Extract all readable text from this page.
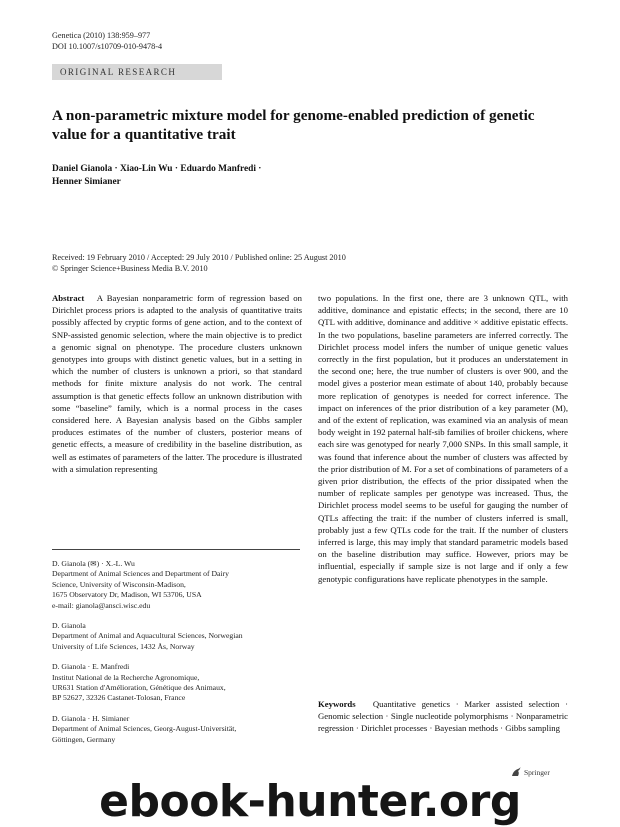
Genetica (2010) 138:959–977
DOI 10.1007/s10709-010-9478-4
ORIGINAL RESEARCH
A non-parametric mixture model for genome-enabled prediction of genetic value for a quantitative trait
Daniel Gianola · Xiao-Lin Wu · Eduardo Manfredi ·
Henner Simianer
Received: 19 February 2010 / Accepted: 29 July 2010 / Published online: 25 August 2010
© Springer Science+Business Media B.V. 2010
Abstract A Bayesian nonparametric form of regression based on Dirichlet process priors is adapted to the analysis of quantitative traits possibly affected by cryptic forms of gene action, and to the context of SNP-assisted genomic selection, where the main objective is to predict a genomic signal on phenotype. The procedure clusters unknown genotypes into groups with distinct genetic values, but in a setting in which the number of clusters is unknown a priori, so that standard methods for finite mixture analysis do not work. The central assumption is that genetic effects follow an unknown distribution with some “baseline” family, which is a normal process in the cases considered here. A Bayesian analysis based on the Gibbs sampler produces estimates of the number of clusters, posterior means of genetic effects, a measure of credibility in the baseline distribution, as well as estimates of parameters of the latter. The procedure is illustrated with a simulation representing
D. Gianola (✉) · X.-L. Wu
Department of Animal Sciences and Department of Dairy
Science, University of Wisconsin-Madison,
1675 Observatory Dr, Madison, WI 53706, USA
e-mail: gianola@ansci.wisc.edu
D. Gianola
Department of Animal and Aquacultural Sciences, Norwegian
University of Life Sciences, 1432 Ås, Norway
D. Gianola · E. Manfredi
Institut National de la Recherche Agronomique,
UR631 Station d'Amélioration, Génétique des Animaux,
BP 52627, 32326 Castanet-Tolosan, France
D. Gianola · H. Simianer
Department of Animal Sciences, Georg-August-Universität,
Göttingen, Germany
two populations. In the first one, there are 3 unknown QTL, with additive, dominance and epistatic effects; in the second, there are 10 QTL with additive, dominance and additive × additive epistatic effects. In the two populations, baseline parameters are inferred correctly. The Dirichlet process model infers the number of unique genetic values correctly in the first population, but it produces an understatement in the second one; here, the true number of clusters is over 900, and the model gives a posterior mean estimate of about 140, probably because more replication of genotypes is needed for correct inference. The impact on inferences of the prior distribution of a key parameter (M), and of the extent of replication, was examined via an analysis of mean body weight in 192 paternal half-sib families of broiler chickens, where each sire was genotyped for nearly 7,000 SNPs. In this small sample, it was found that inference about the number of clusters was affected by the prior distribution of M. For a set of combinations of parameters of a given prior distribution, the effects of the prior dissipated when the number of replicate samples per genotype was increased. Thus, the Dirichlet process model seems to be useful for gauging the number of QTLs affecting the trait: if the number of clusters inferred is small, probably just a few QTLs code for the trait. If the number of clusters inferred is large, this may imply that standard parametric models based on the baseline distribution may suffice. However, priors may be influential, especially if sample size is not large and if only a few genotypic configurations have replicate phenotypes in the sample.
Keywords Quantitative genetics · Marker assisted selection · Genomic selection · Single nucleotide polymorphisms · Nonparametric regression · Dirichlet processes · Bayesian methods · Gibbs sampling
Springer
ebook-hunter.org
